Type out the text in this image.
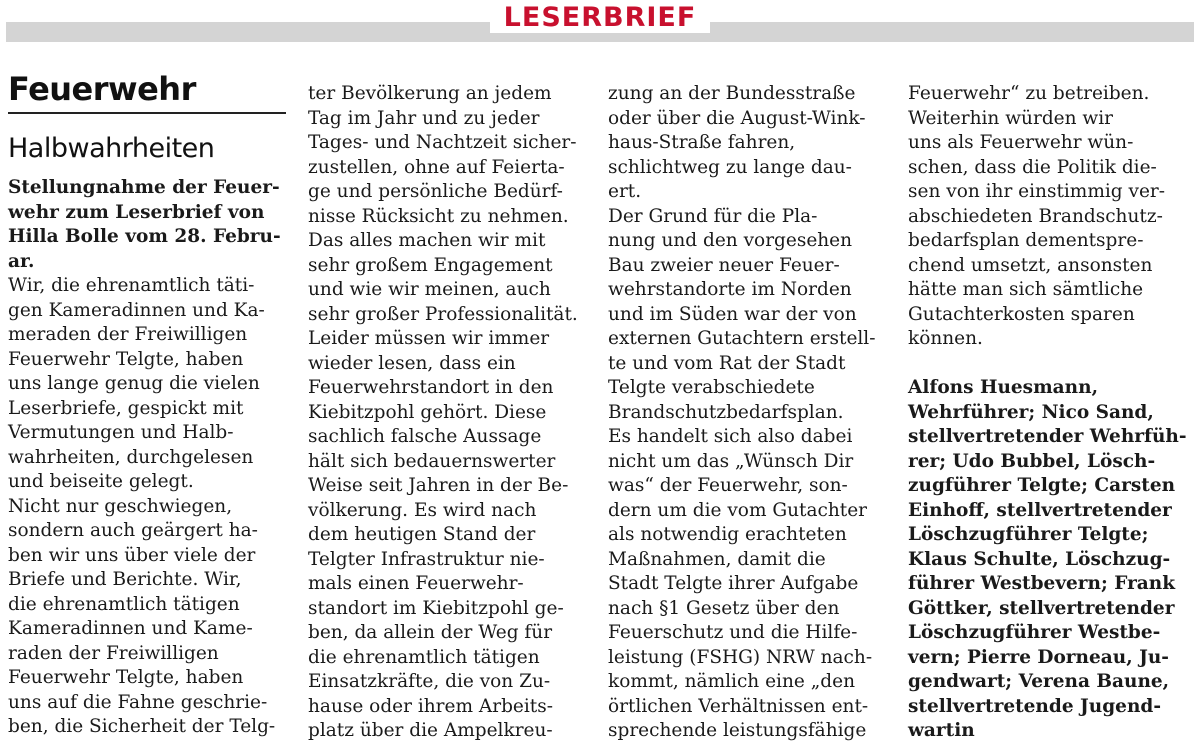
LESERBRIEF
Feuerwehr
Halbwahrheiten

Stellungnahme der Feuer-

wehr zum Leserbrief von

Hilla Bolle vom 28. Febru-

ar.

Wir, die ehrenamtlich täti-

gen Kameradinnen und Ka-

meraden der Freiwilligen

Feuerwehr Telgte, haben

uns lange genug die vielen

Leserbriefe, gespickt mit

Vermutungen und Halb-

wahrheiten, durchgelesen

und beiseite gelegt.

Nicht nur geschwiegen,

sondern auch geärgert ha-

ben wir uns über viele der

Briefe und Berichte. Wir,

die ehrenamtlich tätigen

Kameradinnen und Kame-

raden der Freiwilligen

Feuerwehr Telgte, haben

uns auf die Fahne geschrie-

ben, die Sicherheit der Telg-

ter Bevölkerung an jedem

Tag im Jahr und zu jeder

Tages- und Nachtzeit sicher-

zustellen, ohne auf Feierta-

ge und persönliche Bedürf-

nisse Rücksicht zu nehmen.

Das alles machen wir mit

sehr großem Engagement

und wie wir meinen, auch

sehr großer Professionalität.

Leider müssen wir immer

wieder lesen, dass ein

Feuerwehrstandort in den

Kiebitzpohl gehört. Diese

sachlich falsche Aussage

hält sich bedauernswerter

Weise seit Jahren in der Be-

völkerung. Es wird nach

dem heutigen Stand der

Telgter Infrastruktur nie-

mals einen Feuerwehr-

standort im Kiebitzpohl ge-

ben, da allein der Weg für

die ehrenamtlich tätigen

Einsatzkräfte, die von Zu-

hause oder ihrem Arbeits-

platz über die Ampelkreu-

zung an der Bundesstraße

oder über die August-Wink-

haus-Straße fahren,

schlichtweg zu lange dau-

ert.

Der Grund für die Pla-

nung und den vorgesehen

Bau zweier neuer Feuer-

wehrstandorte im Norden

und im Süden war der von

externen Gutachtern erstell-

te und vom Rat der Stadt

Telgte verabschiedete

Brandschutzbedarfsplan.

Es handelt sich also dabei

nicht um das „Wünsch Dir

was“ der Feuerwehr, son-

dern um die vom Gutachter

als notwendig erachteten

Maßnahmen, damit die

Stadt Telgte ihrer Aufgabe

nach §1 Gesetz über den

Feuerschutz und die Hilfe-

leistung (FSHG) NRW nach-

kommt, nämlich eine „den

örtlichen Verhältnissen ent-

sprechende leistungsfähige

Feuerwehr“ zu betreiben.

Weiterhin würden wir

uns als Feuerwehr wün-

schen, dass die Politik die-

sen von ihr einstimmig ver-

abschiedeten Brandschutz-

bedarfsplan dementspre-

chend umsetzt, ansonsten

hätte man sich sämtliche

Gutachterkosten sparen

können.

Alfons Huesmann,

Wehrführer; Nico Sand,

stellvertretender Wehrfüh-

rer; Udo Bubbel, Lösch-

zugführer Telgte; Carsten

Einhoff, stellvertretender

Löschzugführer Telgte;

Klaus Schulte, Löschzug-

führer Westbevern; Frank

Göttker, stellvertretender

Löschzugführer Westbe-

vern; Pierre Dorneau, Ju-

gendwart; Verena Baune,

stellvertretende Jugend-

wartin
